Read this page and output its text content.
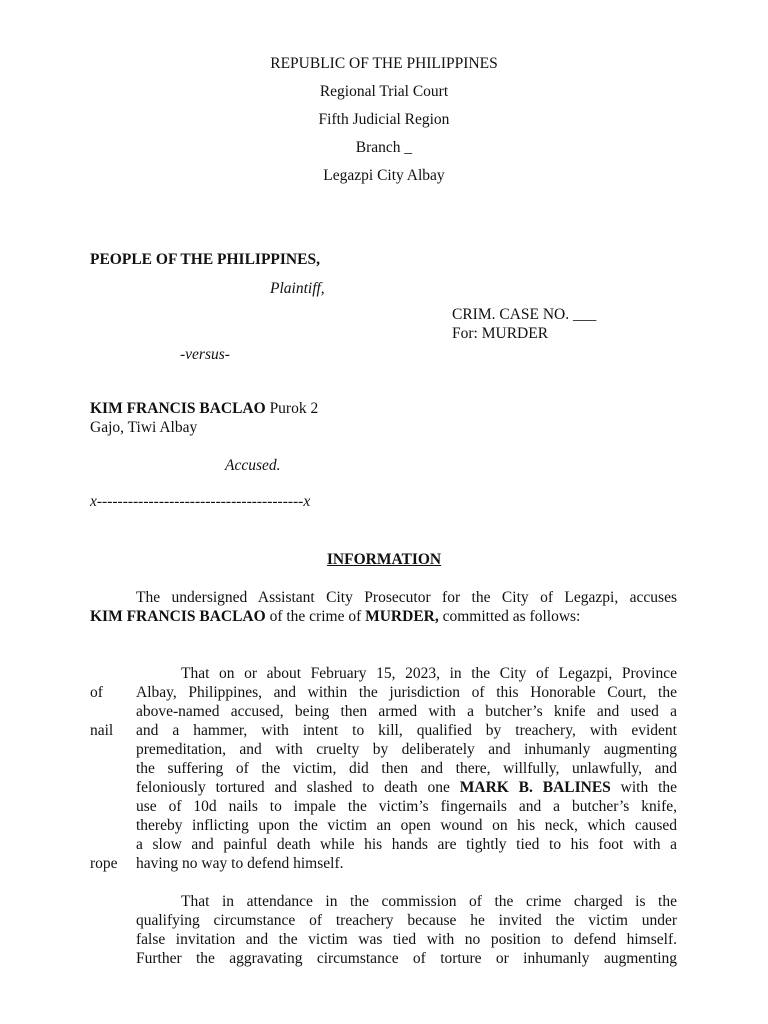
REPUBLIC OF THE PHILIPPINES
Regional Trial Court
Fifth Judicial Region
Branch _
Legazpi City Albay
PEOPLE OF THE PHILIPPINES,
Plaintiff,
CRIM. CASE NO. ___
For: MURDER
-versus-
KIM FRANCIS BACLAO Purok 2
Gajo, Tiwi Albay
Accused.
x----------------------------------------x
INFORMATION
The undersigned Assistant City Prosecutor for the City of Legazpi, accuses
KIM FRANCIS BACLAO of the crime of MURDER, committed as follows:
of
nail
rope
That on or about February 15, 2023, in the City of Legazpi, Province
Albay, Philippines, and within the jurisdiction of this Honorable Court, the
above-named accused, being then armed with a butcher’s knife and used a
and a hammer, with intent to kill, qualified by treachery, with evident
premeditation, and with cruelty by deliberately and inhumanly augmenting
the suffering of the victim, did then and there, willfully, unlawfully, and
feloniously tortured and slashed to death one MARK B. BALINES with the
use of 10d nails to impale the victim’s fingernails and a butcher’s knife,
thereby inflicting upon the victim an open wound on his neck, which caused
a slow and painful death while his hands are tightly tied to his foot with a
having no way to defend himself.
That in attendance in the commission of the crime charged is the
qualifying circumstance of treachery because he invited the victim under
false invitation and the victim was tied with no position to defend himself.
Further the aggravating circumstance of torture or inhumanly augmenting
